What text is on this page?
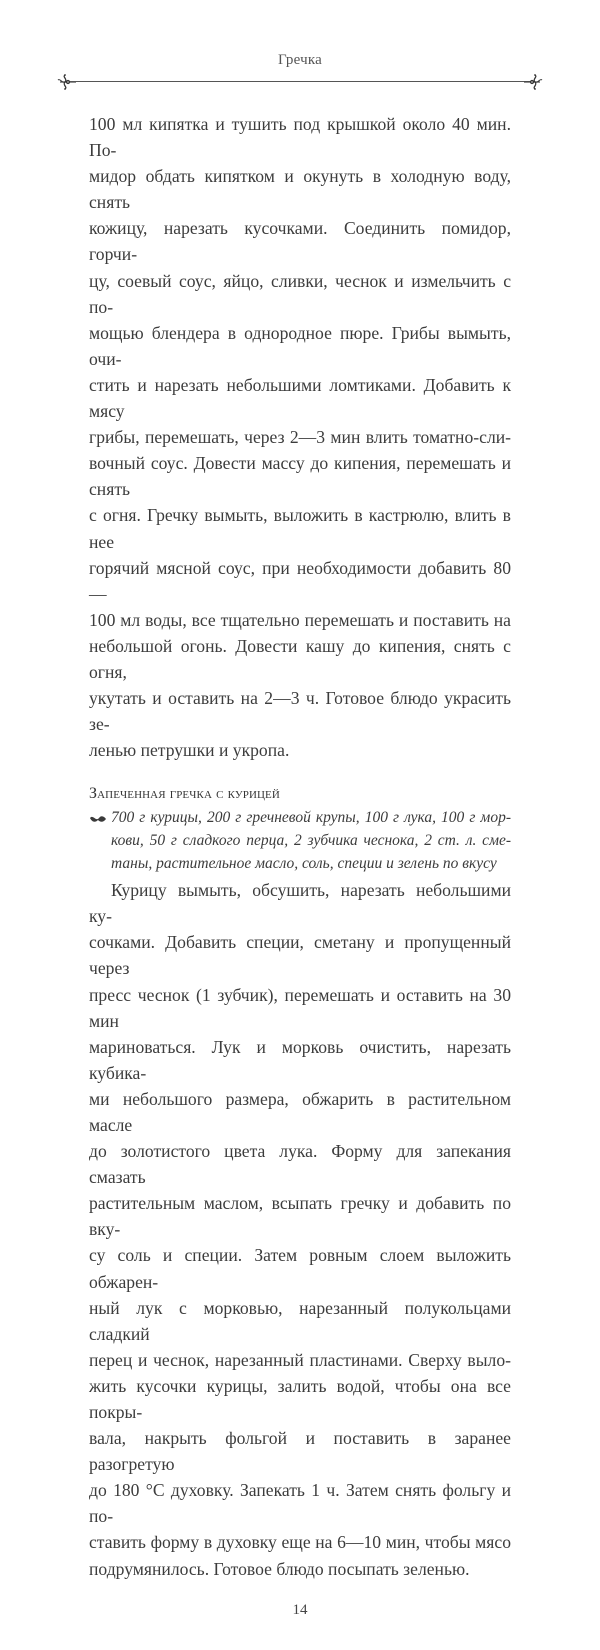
Гречка
100 мл кипятка и тушить под крышкой около 40 мин. По-
мидор обдать кипятком и окунуть в холодную воду, снять
кожицу, нарезать кусочками. Соединить помидор, горчи-
цу, соевый соус, яйцо, сливки, чеснок и измельчить с по-
мощью блендера в однородное пюре. Грибы вымыть, очи-
стить и нарезать небольшими ломтиками. Добавить к мясу
грибы, перемешать, через 2—3 мин влить томатно-сли-
вочный соус. Довести массу до кипения, перемешать и снять
с огня. Гречку вымыть, выложить в кастрюлю, влить в нее
горячий мясной соус, при необходимости добавить 80—
100 мл воды, все тщательно перемешать и поставить на
небольшой огонь. Довести кашу до кипения, снять с огня,
укутать и оставить на 2—3 ч. Готовое блюдо украсить зе-
ленью петрушки и укропа.
Запеченная гречка с курицей
700 г курицы, 200 г гречневой крупы, 100 г лука, 100 г мор-
кови, 50 г сладкого перца, 2 зубчика чеснока, 2 ст. л. сме-
таны, растительное масло, соль, специи и зелень по вкусу
Курицу вымыть, обсушить, нарезать небольшими ку-
сочками. Добавить специи, сметану и пропущенный через
пресс чеснок (1 зубчик), перемешать и оставить на 30 мин
мариноваться. Лук и морковь очистить, нарезать кубика-
ми небольшого размера, обжарить в растительном масле
до золотистого цвета лука. Форму для запекания смазать
растительным маслом, всыпать гречку и добавить по вку-
су соль и специи. Затем ровным слоем выложить обжарен-
ный лук с морковью, нарезанный полукольцами сладкий
перец и чеснок, нарезанный пластинами. Сверху выло-
жить кусочки курицы, залить водой, чтобы она все покры-
вала, накрыть фольгой и поставить в заранее разогретую
до 180 °С духовку. Запекать 1 ч. Затем снять фольгу и по-
ставить форму в духовку еще на 6—10 мин, чтобы мясо
подрумянилось. Готовое блюдо посыпать зеленью.
14
